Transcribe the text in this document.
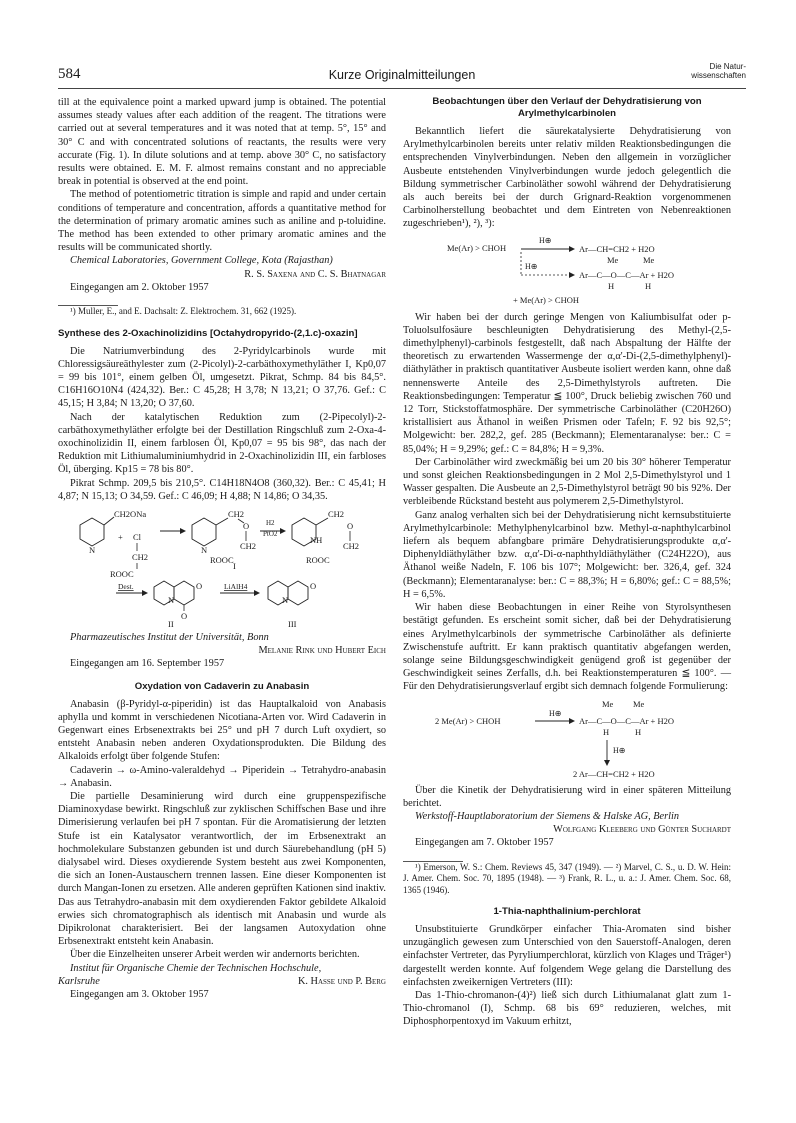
584	Kurze Originalmitteilungen
Die Natur-
wissenschaften

till at the equivalence point a marked upward jump is obtained. The potential assumes steady values after each addition of the reagent. The titrations were carried out at several temperatures and it was noted that at temp. 5°, 15° and 30° C and with concentrated solutions of reactants, the results were very accurate (Fig. 1). In dilute solutions and at temp. above 30° C, no satisfactory results were obtained. E. M. F. almost remains constant and no appreciable break in potential is observed at the end point.

The method of potentiometric titration is simple and rapid and under certain conditions of temperature and concentration, affords a quantitative method for the determination of primary aromatic amines such as aniline and p-toluidine. The method has been extended to other primary aromatic amines and the results will be communicated shortly.

Chemical Laboratories, Government College, Kota (Rajasthan)
R. S. Saxena and C. S. Bhatnagar
Eingegangen am 2. Oktober 1957
¹) Muller, E., and E. Dachsalt: Z. Elektrochem. 31, 662 (1925).
Synthese des 2-Oxachinolizidins [Octahydropyrido-(2,1.c)-oxazin]

Die Natriumverbindung des 2-Pyridylcarbinols wurde mit Chloressigsäureäthylester zum (2-Picolyl)-2-carbäthoxymethyläther I, Kp0,07 = 99 bis 101°, einem gelben Öl, umgesetzt. Pikrat, Schmp. 84 bis 84,5°. C16H16O10N4 (424,32). Ber.: C 45,28; H 3,78; N 13,21; O 37,76. Gef.: C 45,15; H 3,84; N 13,20; O 37,60.

Nach der katalytischen Reduktion zum (2-Pipecolyl)-2-carbäthoxymethyläther erfolgte bei der Destillation Ringschluß zum 2-Oxa-4-oxochinolizidin II, einem farblosen Öl, Kp0,07 = 95 bis 98°, das nach der Reduktion mit Lithiumaluminiumhydrid in 2-Oxachinolizidin III, ein farbloses Öl, überging. Kp15 = 78 bis 80°.

Pikrat Schmp. 209,5 bis 210,5°. C14H18N4O8 (360,32). Ber.: C 45,41; H 4,87; N 15,13; O 34,59. Gef.: C 46,09; H 4,88; N 14,86; O 34,35.

CH2ONa
N
+ Cl
CH2
ROOC
CH2
O
CH2
N
ROOC
I
H2
PtO2
CH2
O
CH2
NH
ROOC
Dest.
N
O
O
II
LiAlH4
N
O
III
Pharmazeutisches Institut der Universität, Bonn
Melanie Rink und Hubert Eich
Eingegangen am 16. September 1957
Oxydation von Cadaverin zu Anabasin

Anabasin (β-Pyridyl-α-piperidin) ist das Hauptalkaloid von Anabasis aphylla und kommt in verschiedenen Nicotiana-Arten vor. Wird Cadaverin in Gegenwart eines Erbsenextrakts bei 25° und pH 7 durch Luft oxydiert, so entsteht Anabasin neben anderen Oxydationsprodukten. Die Bildung des Alkaloids erfolgt über folgende Stufen:

Cadaverin → ω-Amino-valeraldehyd → Piperidein → Tetrahydro-anabasin → Anabasin.

Die partielle Desaminierung wird durch eine gruppenspezifische Diaminoxydase bewirkt. Ringschluß zur zyklischen Schiffschen Base und ihre Dimerisierung verlaufen bei pH 7 spontan. Für die Aromatisierung der letzten Stufe ist ein Katalysator verantwortlich, der im Erbsenextrakt an hochmolekulare Substanzen gebunden ist und durch Säurebehandlung (pH 5) dialysabel wird. Dieses oxydierende System besteht aus zwei Komponenten, die sich an Ionen-Austauschern trennen lassen. Eine dieser Komponenten ist durch Mangan-Ionen zu ersetzen. Alle anderen geprüften Kationen sind inaktiv. Das aus Tetrahydro-anabasin mit dem oxydierenden Faktor gebildete Alkaloid erwies sich chromatographisch als identisch mit Anabasin und wurde als Dipikrolonat charakterisiert. Bei der langsamen Autoxydation ohne Erbsenextrakt entsteht kein Anabasin.

Über die Einzelheiten unserer Arbeit werden wir andernorts berichten.

Institut für Organische Chemie der Technischen Hochschule,
Karlsruhe	K. Hasse und P. Berg
Eingegangen am 3. Oktober 1957
Beobachtungen über den Verlauf der Dehydratisierung von Arylmethylcarbinolen

Bekanntlich liefert die säurekatalysierte Dehydratisierung von Arylmethylcarbinolen bereits unter relativ milden Reaktionsbedingungen die entsprechenden Vinylverbindungen. Neben den allgemein in vorzüglicher Ausbeute entstehenden Vinylverbindungen wurde jedoch gelegentlich die Bildung symmetrischer Carbinoläther sowohl während der Dehydratisierung als auch bereits bei der durch Grignard-Reaktion vorgenommenen Carbinolherstellung beobachtet und dem Eintreten von Nebenreaktionen zugeschrieben¹), ²), ³):

Me(Ar) > CHOH
H⊕
Ar—CH=CH2 + H2O
Me	Me
H⊕
Ar—C—O—C—Ar + H2O
H	H
+ Me(Ar) > CHOH

Wir haben bei der durch geringe Mengen von Kaliumbisulfat oder p-Toluolsulfosäure beschleunigten Dehydratisierung des Methyl-(2,5-dimethylphenyl)-carbinols festgestellt, daß nach Abspaltung der Hälfte der theoretisch zu erwartenden Wassermenge der α,α'-Di-(2,5-dimethylphenyl)-diäthyläther in praktisch quantitativer Ausbeute isoliert werden kann, ohne daß nennenswerte Anteile des 2,5-Dimethylstyrols auftreten. Die Reaktionsbedingungen: Temperatur ≦ 100°, Druck beliebig zwischen 760 und 12 Torr, Stickstoffatmosphäre. Der symmetrische Carbinoläther (C20H26O) kristallisiert aus Äthanol in weißen Prismen oder Tafeln; F. 92 bis 92,5°; Molgewicht: ber. 282,2, gef. 285 (Beckmann); Elementaranalyse: ber.: C = 85,04%; H = 9,29%; gef.: C = 84,8%; H = 9,3%.

Der Carbinoläther wird zweckmäßig bei um 20 bis 30° höherer Temperatur und sonst gleichen Reaktionsbedingungen in 2 Mol 2,5-Dimethylstyrol und 1 Wasser gespalten. Die Ausbeute an 2,5-Dimethylstyrol beträgt 90 bis 92%. Der verbleibende Rückstand besteht aus polymerem 2,5-Dimethylstyrol.

Ganz analog verhalten sich bei der Dehydratisierung nicht kernsubstituierte Arylmethylcarbinole: Methylphenylcarbinol bzw. Methyl-α-naphthylcarbinol liefern als bequem abfangbare primäre Dehydratisierungsprodukte α,α'-Diphenyldiäthyläther bzw. α,α'-Di-α-naphthyldiäthyläther (C24H22O), aus Äthanol weiße Nadeln, F. 106 bis 107°; Molgewicht: ber. 326,4, gef. 324 (Beckmann); Elementaranalyse: ber.: C = 88,3%; H = 6,80%; gef.: C = 88,5%; H = 6,5%.

Wir haben diese Beobachtungen in einer Reihe von Styrolsynthesen bestätigt gefunden. Es erscheint somit sicher, daß bei der Dehydratisierung eines Arylmethylcarbinols der symmetrische Carbinoläther als definierte Zwischenstufe auftritt. Er kann praktisch quantitativ abgefangen werden, solange seine Bildungsgeschwindigkeit genügend groß ist gegenüber der Geschwindigkeit seines Zerfalls, d.h. bei Reaktionstemperaturen ≦ 100°. — Für den Dehydratisierungsverlauf ergibt sich demnach folgende Formulierung:

Me Me
2 Me(Ar) > CHOH
H⊕
Ar—C—O—C—Ar + H2O
H	H
H⊕
2 Ar—CH=CH2 + H2O

Über die Kinetik der Dehydratisierung wird in einer späteren Mitteilung berichtet.

Werkstoff-Hauptlaboratorium der Siemens & Halske AG, Berlin
Wolfgang Kleeberg und Günter Suchardt
Eingegangen am 7. Oktober 1957
¹) Emerson, W. S.: Chem. Reviews 45, 347 (1949). — ²) Marvel, C. S., u. D. W. Hein: J. Amer. Chem. Soc. 70, 1895 (1948). — ³) Frank, R. L., u. a.: J. Amer. Chem. Soc. 68, 1365 (1946).
1-Thia-naphthalinium-perchlorat

Unsubstituierte Grundkörper einfacher Thia-Aromaten sind bisher unzugänglich gewesen zum Unterschied von den Sauerstoff-Analogen, deren einfachster Vertreter, das Pyryliumperchlorat, kürzlich von Klages und Träger¹) dargestellt werden konnte. Auf folgendem Wege gelang die Darstellung des einfachsten zweikernigen Vertreters (III):

Das 1-Thio-chromanon-(4)²) ließ sich durch Lithiumalanat glatt zum 1-Thio-chromanol (I), Schmp. 68 bis 69° reduzieren, welches, mit Diphosphorpentoxyd im Vakuum erhitzt,
